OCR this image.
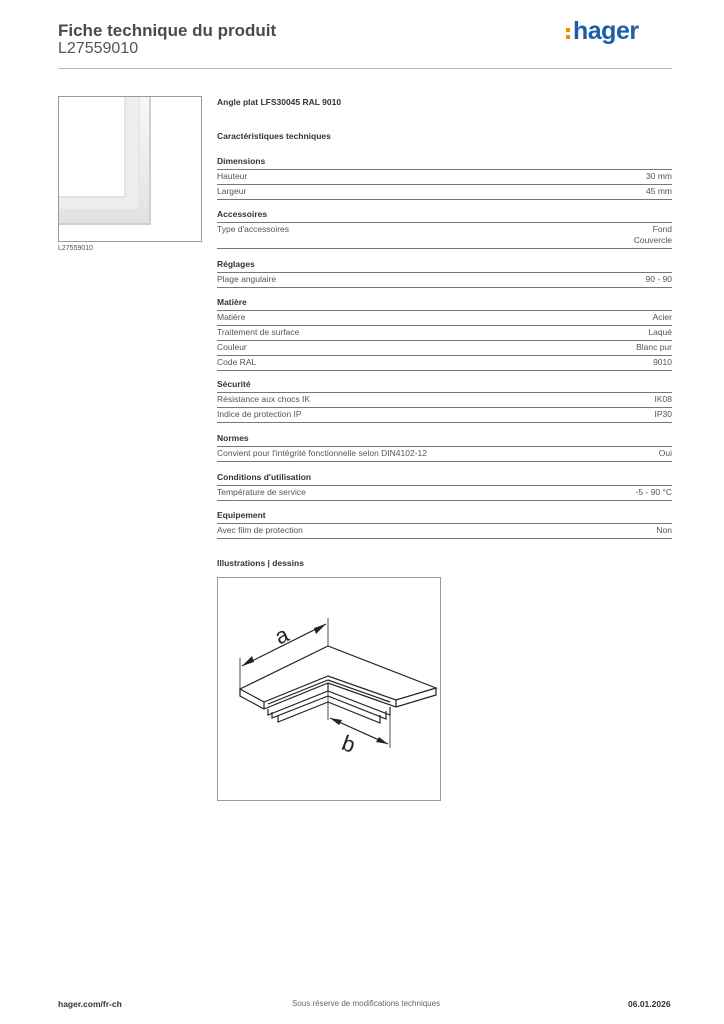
Fiche technique du produit
L27559010
hager
L27559010
Angle plat LFS30045 RAL 9010
Caractéristiques techniques
Dimensions
Hauteur	30 mm
Largeur	45 mm
Accessoires
Type d'accessoires	Fond
Couvercle
Réglages
Plage angulaire	90 - 90
Matière
Matière	Acier
Traitement de surface	Laqué
Couleur	Blanc pur
Code RAL	9010
Sécurité
Résistance aux chocs IK	IK08
Indice de protection IP	IP30
Normes
Convient pour l'intégrité fonctionnelle selon DIN4102-12	Oui
Conditions d'utilisation
Température de service	-5 - 90 °C
Equipement
Avec film de protection	Non
Illustrations | dessins
a
b
hager.com/fr-ch	Sous réserve de modifications techniques	06.01.2026
